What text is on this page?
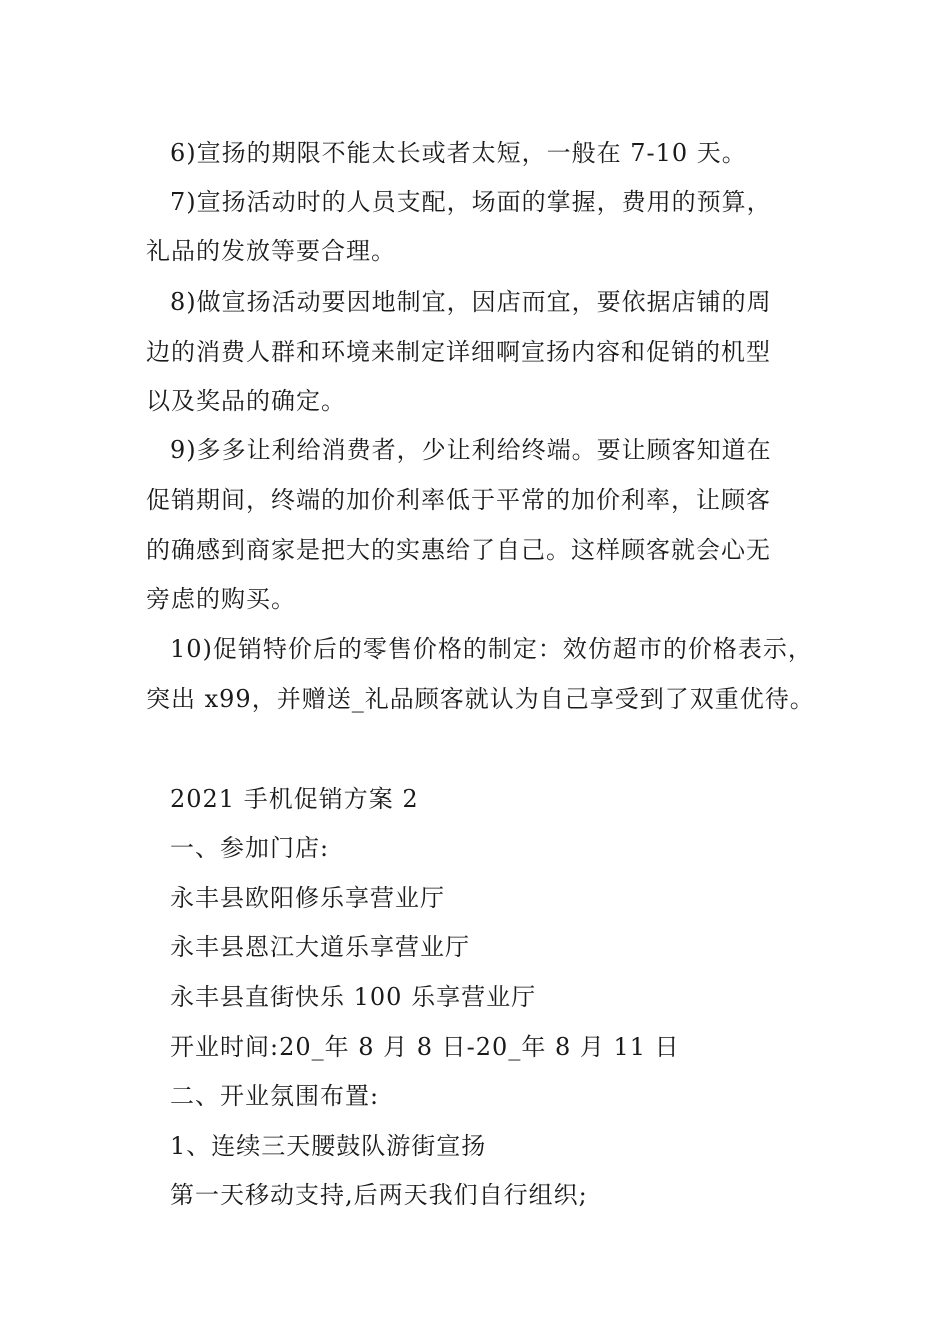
6)宣扬的期限不能太长或者太短，一般在 7-10 天。
7)宣扬活动时的人员支配，场面的掌握，费用的预算，
礼品的发放等要合理。
8)做宣扬活动要因地制宜，因店而宜，要依据店铺的周
边的消费人群和环境来制定详细啊宣扬内容和促销的机型
以及奖品的确定。
9)多多让利给消费者，少让利给终端。要让顾客知道在
促销期间，终端的加价利率低于平常的加价利率，让顾客
的确感到商家是把大的实惠给了自己。这样顾客就会心无
旁虑的购买。
10)促销特价后的零售价格的制定：效仿超市的价格表示，
突出 x99，并赠送_礼品顾客就认为自己享受到了双重优待。
2021 手机促销方案 2
一、参加门店:
永丰县欧阳修乐享营业厅
永丰县恩江大道乐享营业厅
永丰县直街快乐 100 乐享营业厅
开业时间:20_年 8 月 8 日-20_年 8 月 11 日
二、开业氛围布置:
1、连续三天腰鼓队游街宣扬
第一天移动支持,后两天我们自行组织;
